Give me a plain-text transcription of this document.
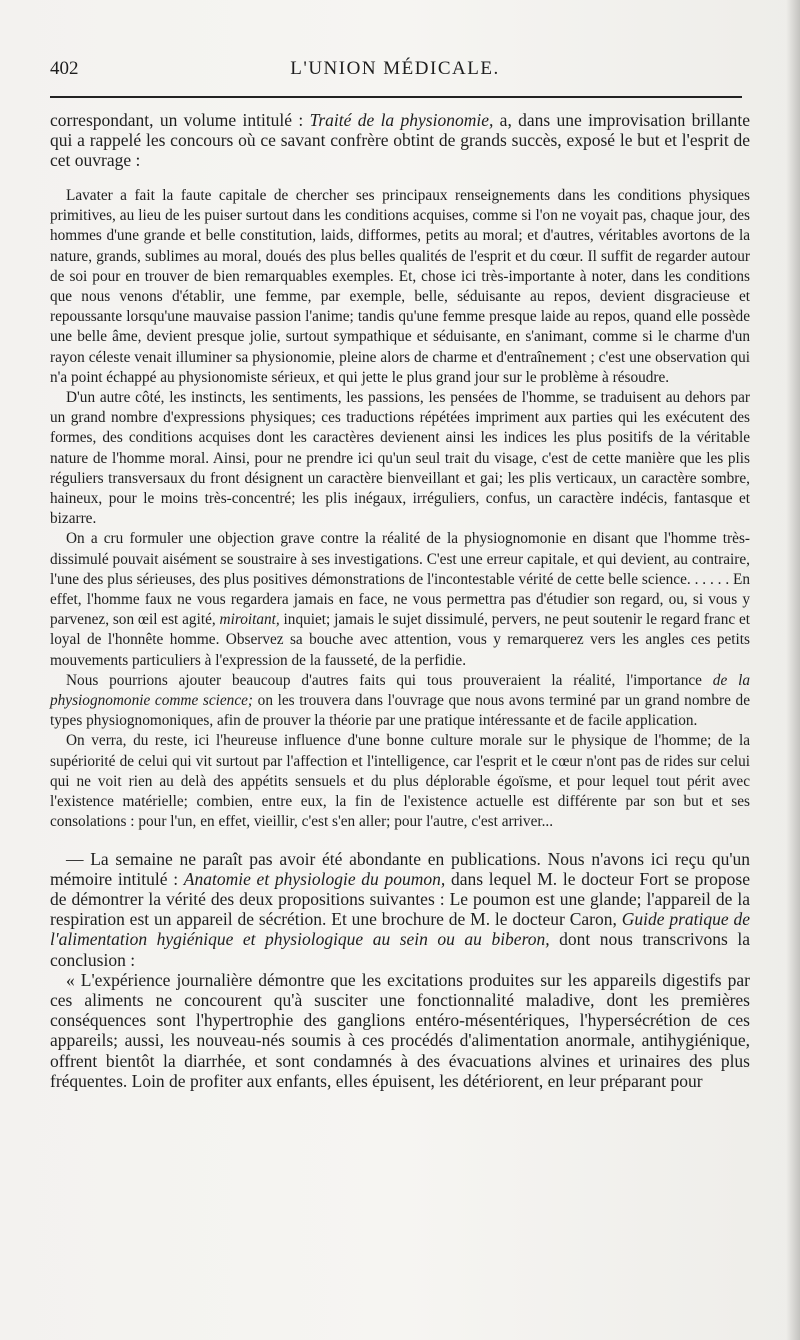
402	L'UNION MÉDICALE.

correspondant, un volume intitulé : Traité de la physionomie, a, dans une improvisation brillante qui a rappelé les concours où ce savant confrère obtint de grands succès, exposé le but et l'esprit de cet ouvrage :

Lavater a fait la faute capitale de chercher ses principaux renseignements dans les conditions physiques primitives, au lieu de les puiser surtout dans les conditions acquises, comme si l'on ne voyait pas, chaque jour, des hommes d'une grande et belle constitution, laids, difformes, petits au moral; et d'autres, véritables avortons de la nature, grands, sublimes au moral, doués des plus belles qualités de l'esprit et du cœur. Il suffit de regarder autour de soi pour en trouver de bien remarquables exemples. Et, chose ici très-importante à noter, dans les conditions que nous venons d'établir, une femme, par exemple, belle, séduisante au repos, devient disgracieuse et repoussante lorsqu'une mauvaise passion l'anime; tandis qu'une femme presque laide au repos, quand elle possède une belle âme, devient presque jolie, surtout sympathique et séduisante, en s'animant, comme si le charme d'un rayon céleste venait illuminer sa physionomie, pleine alors de charme et d'entraînement ; c'est une observation qui n'a point échappé au physionomiste sérieux, et qui jette le plus grand jour sur le problème à résoudre.

D'un autre côté, les instincts, les sentiments, les passions, les pensées de l'homme, se traduisent au dehors par un grand nombre d'expressions physiques; ces traductions répétées impriment aux parties qui les exécutent des formes, des conditions acquises dont les caractères devienent ainsi les indices les plus positifs de la véritable nature de l'homme moral. Ainsi, pour ne prendre ici qu'un seul trait du visage, c'est de cette manière que les plis réguliers transversaux du front désignent un caractère bienveillant et gai; les plis verticaux, un caractère sombre, haineux, pour le moins très-concentré; les plis inégaux, irréguliers, confus, un caractère indécis, fantasque et bizarre.

On a cru formuler une objection grave contre la réalité de la physiognomonie en disant que l'homme très-dissimulé pouvait aisément se soustraire à ses investigations. C'est une erreur capitale, et qui devient, au contraire, l'une des plus sérieuses, des plus positives démonstrations de l'incontestable vérité de cette belle science. . . . . . En effet, l'homme faux ne vous regardera jamais en face, ne vous permettra pas d'étudier son regard, ou, si vous y parvenez, son œil est agité, miroitant, inquiet; jamais le sujet dissimulé, pervers, ne peut soutenir le regard franc et loyal de l'honnête homme. Observez sa bouche avec attention, vous y remarquerez vers les angles ces petits mouvements particuliers à l'expression de la fausseté, de la perfidie.

Nous pourrions ajouter beaucoup d'autres faits qui tous prouveraient la réalité, l'importance de la physiognomonie comme science; on les trouvera dans l'ouvrage que nous avons terminé par un grand nombre de types physiognomoniques, afin de prouver la théorie par une pratique intéressante et de facile application.

On verra, du reste, ici l'heureuse influence d'une bonne culture morale sur le physique de l'homme; de la supériorité de celui qui vit surtout par l'affection et l'intelligence, car l'esprit et le cœur n'ont pas de rides sur celui qui ne voit rien au delà des appétits sensuels et du plus déplorable égoïsme, et pour lequel tout périt avec l'existence matérielle; combien, entre eux, la fin de l'existence actuelle est différente par son but et ses consolations : pour l'un, en effet, vieillir, c'est s'en aller; pour l'autre, c'est arriver...

— La semaine ne paraît pas avoir été abondante en publications. Nous n'avons ici reçu qu'un mémoire intitulé : Anatomie et physiologie du poumon, dans lequel M. le docteur Fort se propose de démontrer la vérité des deux propositions suivantes : Le poumon est une glande; l'appareil de la respiration est un appareil de sécrétion. Et une brochure de M. le docteur Caron, Guide pratique de l'alimentation hygiénique et physiologique au sein ou au biberon, dont nous transcrivons la conclusion :

« L'expérience journalière démontre que les excitations produites sur les appareils digestifs par ces aliments ne concourent qu'à susciter une fonctionnalité maladive, dont les premières conséquences sont l'hypertrophie des ganglions entéro-mésentériques, l'hypersécrétion de ces appareils; aussi, les nouveau-nés soumis à ces procédés d'alimentation anormale, antihygiénique, offrent bientôt la diarrhée, et sont condamnés à des évacuations alvines et urinaires des plus fréquentes. Loin de profiter aux enfants, elles épuisent, les détériorent, en leur préparant pour
